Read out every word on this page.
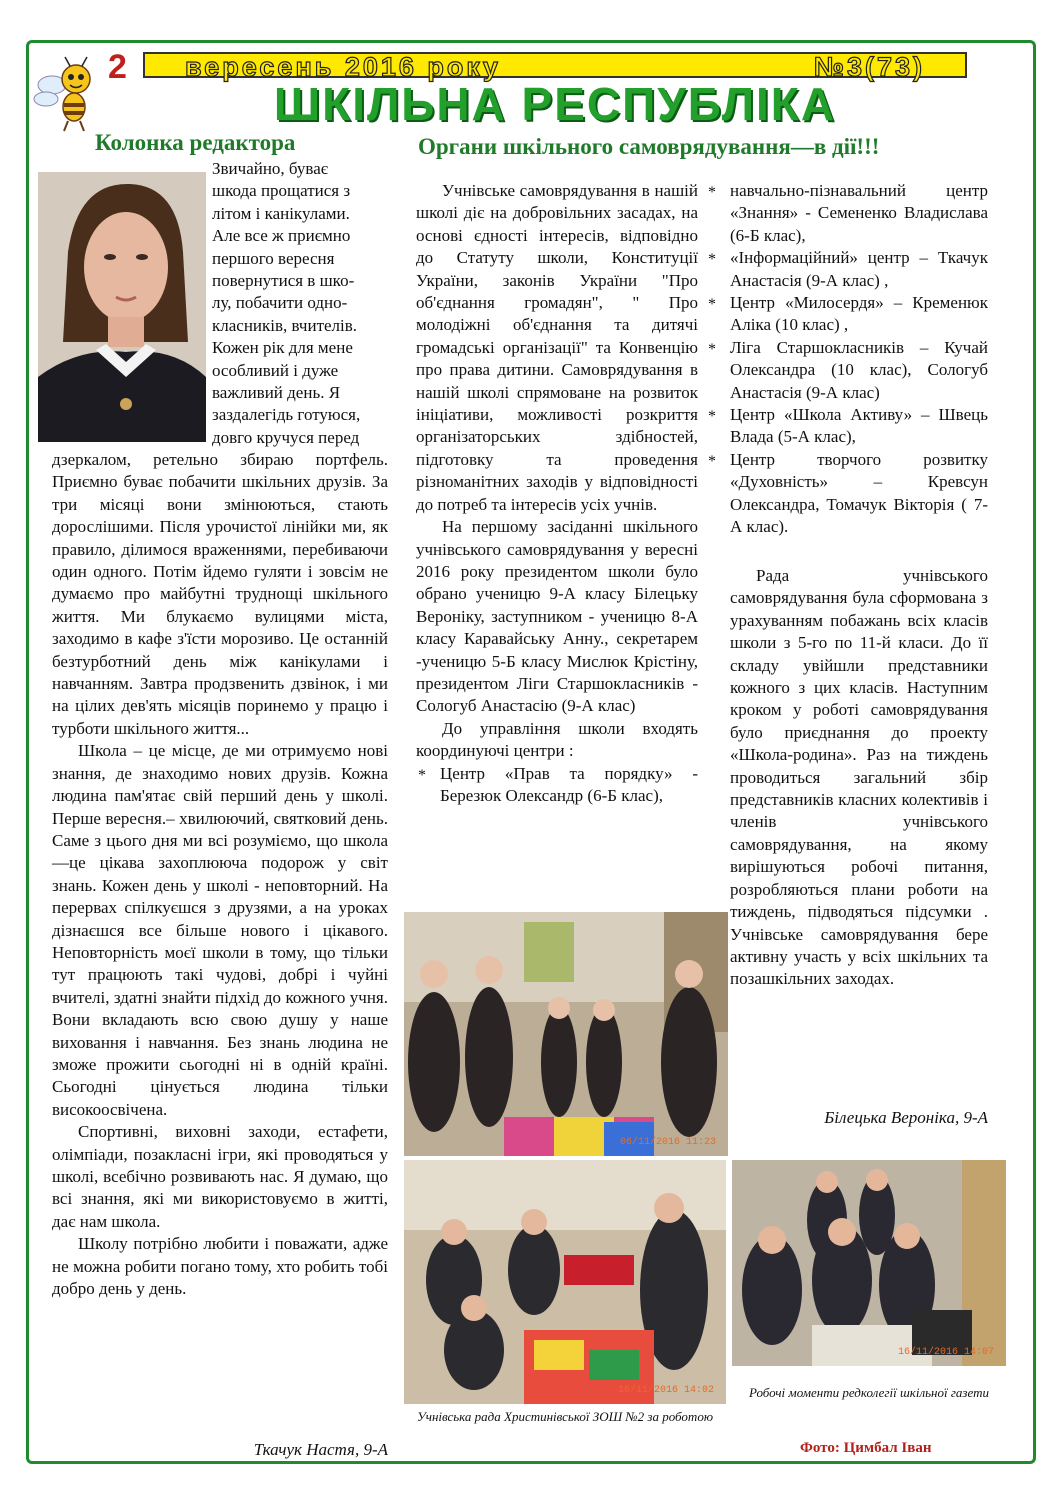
2 вересень 2016 року	№3(73)
ШКІЛЬНА РЕСПУБЛІКА
Колонка редактора	Органи шкільного самоврядування—в дії!!!
Звичайно, буває
шкода прощатися з
літом і канікулами.
Але все ж приємно
першого вересня
повернутися в шко-
лу, побачити одно-
класників, вчителів.
Кожен рік для мене
особливий і дуже
важливий день. Я
заздалегідь готуюся,
довго кручуся перед

дзеркалом, ретельно збираю портфель. Приємно буває побачити шкільних друзів. За три місяці вони змінюються, стають дорослішими. Після урочистої лінійки ми, як правило, ділимося враженнями, перебиваючи один одного. Потім йдемо гуляти і зовсім не думаємо про майбутні труднощі шкільного життя. Ми блукаємо вулицями міста, заходимо в кафе з'їсти морозиво. Це останній безтурботний день між канікулами і навчанням. Завтра продзвенить дзвінок, і ми на цілих дев'ять місяців поринемо у працю і турботи шкільного життя...

Школа – це місце, де ми отримуємо нові знання, де знаходимо нових друзів. Кожна людина пам'ятає свій перший день у школі. Перше вересня.– хвилюючий, святковий день. Саме з цього дня ми всі розуміємо, що школа—це цікава захоплююча подорож у світ знань. Кожен день у школі - неповторний. На перервах спілкуєшся з друзями, а на уроках дізнаєшся все більше нового і цікавого. Неповторність моєї школи в тому, що тільки тут працюють такі чудові, добрі і чуйні вчителі, здатні знайти підхід до кожного учня. Вони вкладають всю свою душу у наше виховання і навчання. Без знань людина не зможе прожити сьогодні ні в одній країні. Сьогодні цінується людина тільки високоосвічена.

Спортивні, виховні заходи, естафети, олімпіади, позакласні ігри, які проводяться у школі, всебічно розвивають нас. Я думаю, що всі знання, які ми використовуємо в житті, дає нам школа.

Школу потрібно любити і поважати, адже не можна робити погано тому, хто робить тобі добро день у день.

Ткачук Настя, 9-А

Учнівське самоврядування в нашій школі діє на добровільних засадах, на основі єдності інтересів, відповідно до Статуту школи, Конституції України, законів України "Про об'єднання громадян", " Про молодіжні об'єднання та дитячі громадські організації" та Конвенцію про права дитини. Самоврядування в нашій школі спрямоване на розвиток ініціативи, можливості розкриття організаторських здібностей, підготовку та проведення різноманітних заходів у відповідності до потреб та інтересів усіх учнів.

На першому засіданні шкільного учнівського самоврядування у вересні 2016 року президентом школи було обрано ученицю 9-А класу Білецьку Вероніку, заступником - ученицю 8-А класу Каравайську Анну., секретарем -ученицю 5-Б класу Мислюк Крістіну, президентом Ліги Старшокласників - Сологуб Анастасію (9-А клас)

До управління школи входять координуючі центри :

* Центр «Прав та порядку» - Березюк Олександр (6-Б клас),
* навчально-пізнавальний центр «Знання» - Семененко Владислава (6-Б клас),
* «Інформаційний» центр – Ткачук Анастасія (9-А клас) ,
* Центр «Милосердя» – Кременюк Аліка (10 клас) ,
* Ліга Старшокласників – Кучай Олександра (10 клас), Сологуб Анастасія (9-А клас)
* Центр «Школа Активу» – Швець Влада (5-А клас),
* Центр творчого розвитку «Духовність» – Кревсун Олександра, Томачук Вікторія ( 7-А клас).

Рада учнівського самоврядування була сформована з урахуванням побажань всіх класів школи з 5-го по 11-й класи. До її складу увійшли представники кожного з цих класів. Наступним кроком у роботі самоврядування було приєднання до проекту «Школа-родина». Раз на тиждень проводиться загальний збір представників класних колективів і членів учнівського самоврядування, на якому вирішуються робочі питання, розробляються плани роботи на тиждень, підводяться підсумки . Учнівське самоврядування бере активну участь у всіх шкільних та позашкільних заходах.

Білецька Вероніка, 9-А
06/11/2016 11:23
16/11/2016 14:02
16/11/2016 14:07
Учнівська рада Христинівської ЗОШ №2 за роботою
Робочі моменти редколегії шкільної газети
Фото: Цимбал Іван
